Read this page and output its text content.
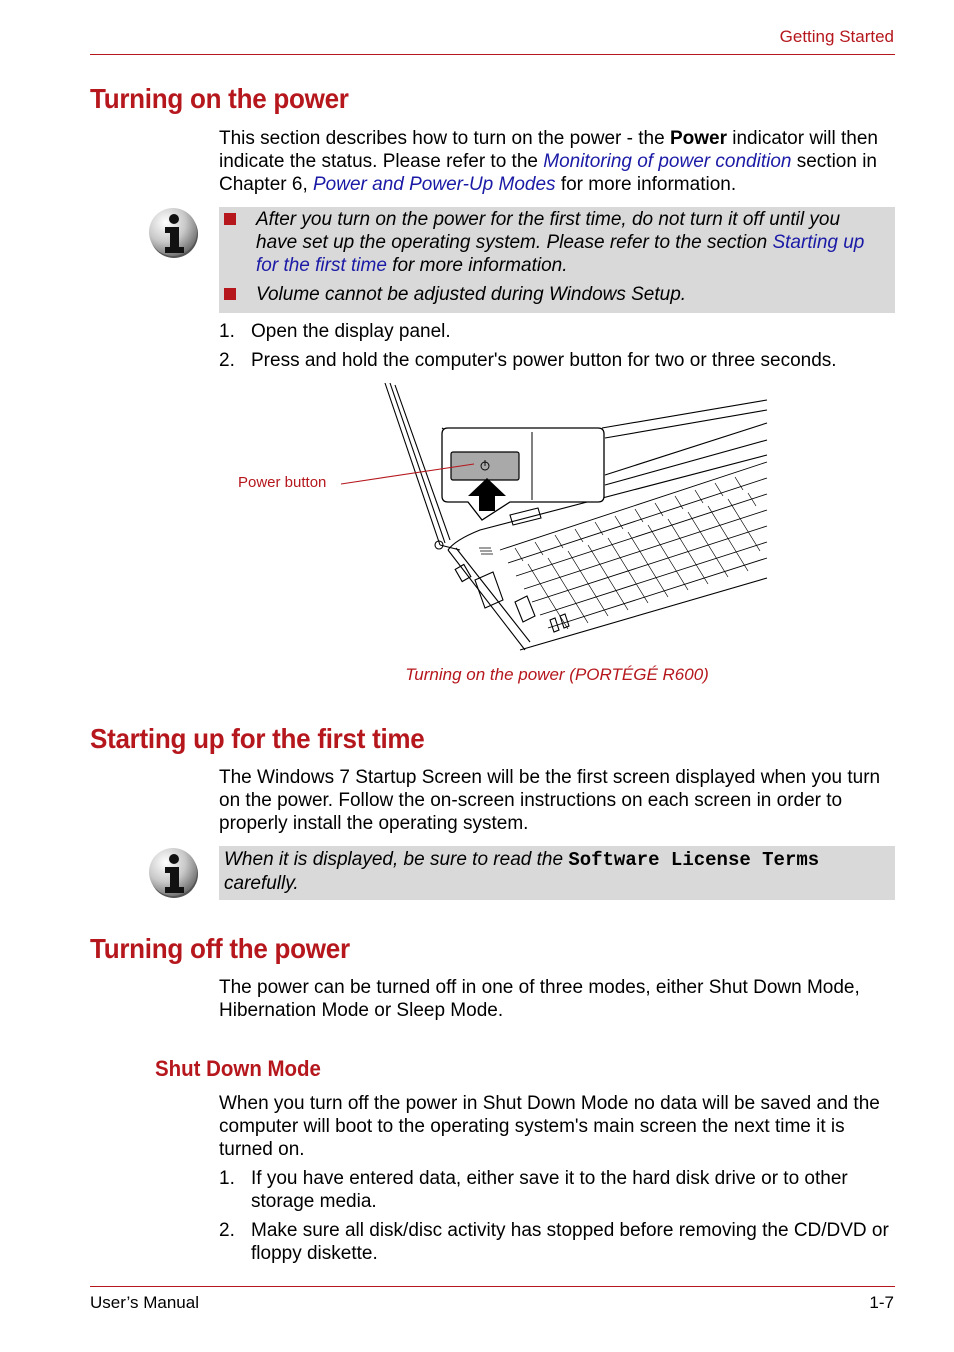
Getting Started
Turning on the power
This section describes how to turn on the power - the Power indicator will then indicate the status. Please refer to the Monitoring of power condition section in Chapter 6, Power and Power-Up Modes for more information.
After you turn on the power for the first time, do not turn it off until you have set up the operating system. Please refer to the section Starting up for the first time for more information.
Volume cannot be adjusted during Windows Setup.
1. Open the display panel.
2. Press and hold the computer's power button for two or three seconds.
Power button
Turning on the power (PORTÉGÉ R600)
Starting up for the first time
The Windows 7 Startup Screen will be the first screen displayed when you turn on the power. Follow the on-screen instructions on each screen in order to properly install the operating system.
When it is displayed, be sure to read the Software License Terms carefully.
Turning off the power
The power can be turned off in one of three modes, either Shut Down Mode, Hibernation Mode or Sleep Mode.
Shut Down Mode
When you turn off the power in Shut Down Mode no data will be saved and the computer will boot to the operating system's main screen the next time it is turned on.
1. If you have entered data, either save it to the hard disk drive or to other storage media.
2. Make sure all disk/disc activity has stopped before removing the CD/DVD or floppy diskette.
User’s Manual	1-7
